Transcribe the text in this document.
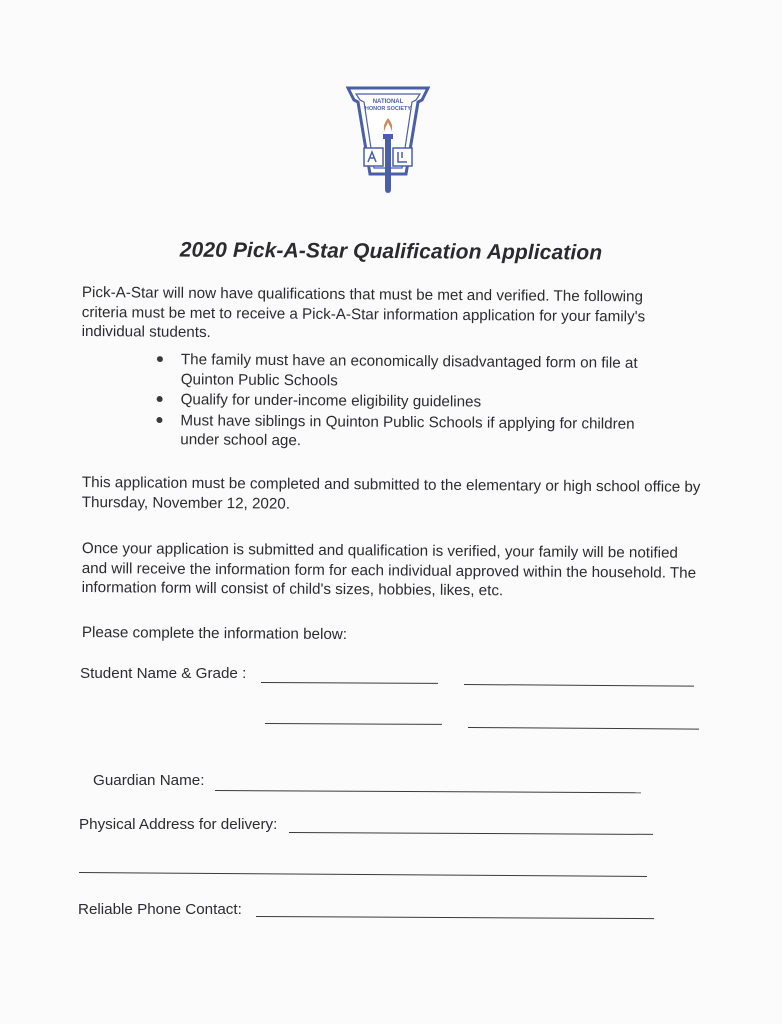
NATIONAL
HONOR SOCIETY
2020 Pick-A-Star Qualification Application

Pick-A-Star will now have qualifications that must be met and verified. The following criteria must be met to receive a Pick-A-Star information application for your family's individual students.

The family must have an economically disadvantaged form on file at Quinton Public Schools
Qualify for under-income eligibility guidelines
Must have siblings in Quinton Public Schools if applying for children under school age.

This application must be completed and submitted to the elementary or high school office by Thursday, November 12, 2020.

Once your application is submitted and qualification is verified, your family will be notified and will receive the information form for each individual approved within the household. The information form will consist of child's sizes, hobbies, likes, etc.

Please complete the information below:

Student Name & Grade :
Guardian Name:
Physical Address for delivery:
Reliable Phone Contact:
